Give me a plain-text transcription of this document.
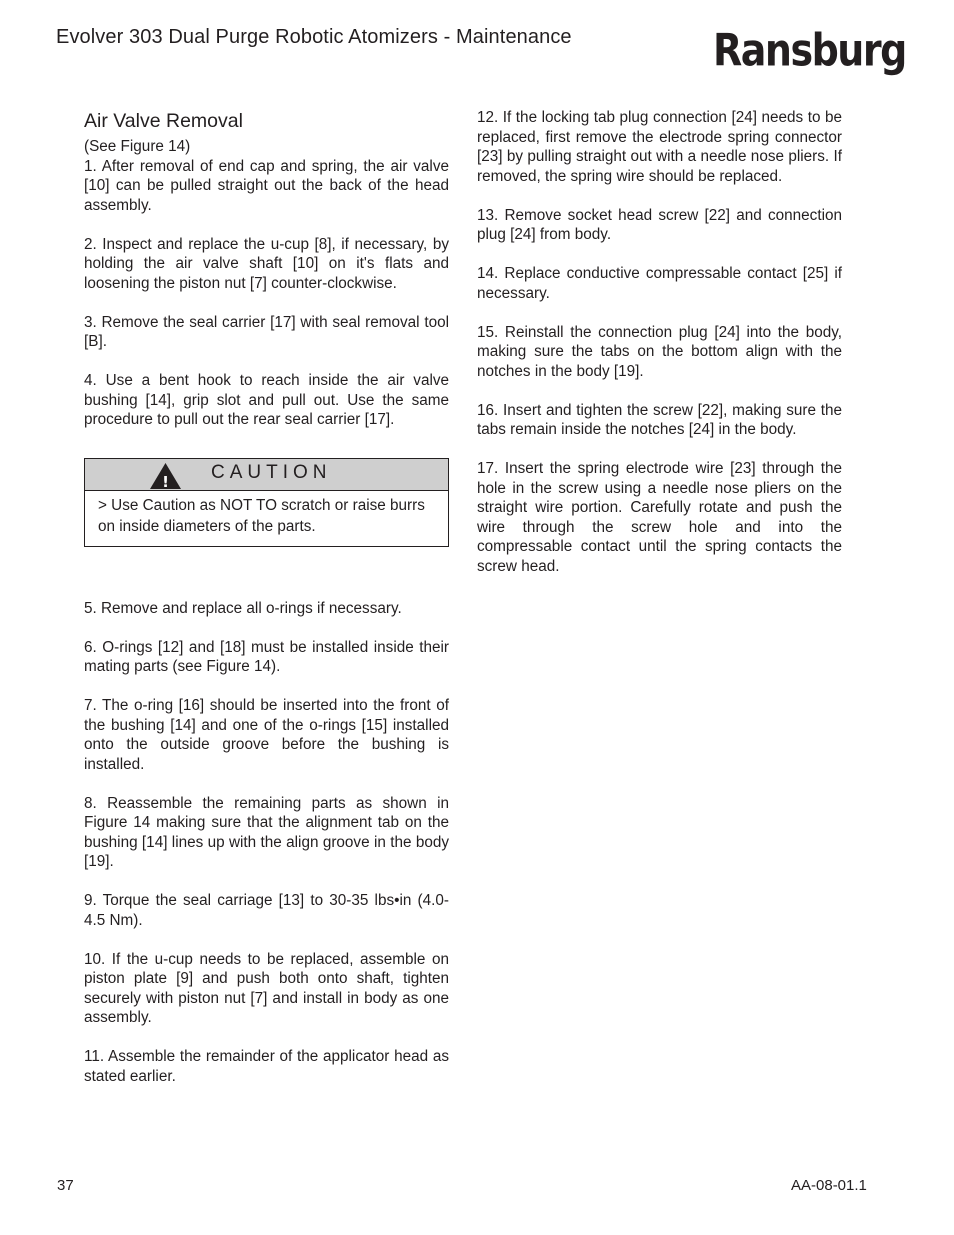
Evolver 303 Dual Purge Robotic Atomizers - Maintenance	Ransburg
Air Valve Removal
(See Figure 14)

1. After removal of end cap and spring, the air valve [10] can be pulled straight out the back of the head assembly.

2. Inspect and replace the u-cup [8], if necessary, by holding the air valve shaft [10] on it's flats and loosening the piston nut [7] counter-clockwise.

3. Remove the seal carrier [17] with seal removal tool [B].

4. Use a bent hook to reach inside the air valve bushing [14], grip slot and pull out. Use the same procedure to pull out the rear seal carrier [17].

! CAUTION
> Use Caution as NOT TO scratch or raise burrs on inside diameters of the parts.

5. Remove and replace all o-rings if necessary.

6. O-rings [12] and [18] must be installed inside their mating parts (see Figure 14).

7. The o-ring [16] should be inserted into the front of the bushing [14] and one of the o-rings [15] installed onto the outside groove before the bushing is installed.

8. Reassemble the remaining parts as shown in Figure 14 making sure that the alignment tab on the bushing [14] lines up with the align groove in the body [19].

9. Torque the seal carriage [13] to 30-35 lbs•in (4.0-4.5 Nm).

10. If the u-cup needs to be replaced, assemble on piston plate [9] and push both onto shaft, tighten securely with piston nut [7] and install in body as one assembly.

11. Assemble the remainder of the applicator head as stated earlier.

12. If the locking tab plug connection [24] needs to be replaced, first remove the electrode spring connector [23] by pulling straight out with a needle nose pliers. If removed, the spring wire should be replaced.

13. Remove socket head screw [22] and connection plug [24] from body.

14. Replace conductive compressable contact [25] if necessary.

15. Reinstall the connection plug [24] into the body, making sure the tabs on the bottom align with the notches in the body [19].

16. Insert and tighten the screw [22], making sure the tabs remain inside the notches [24] in the body.

17. Insert the spring electrode wire [23] through the hole in the screw using a needle nose pliers on the straight wire portion. Carefully rotate and push the wire through the screw hole and into the compressable contact until the spring contacts the screw head.

37	AA-08-01.1
